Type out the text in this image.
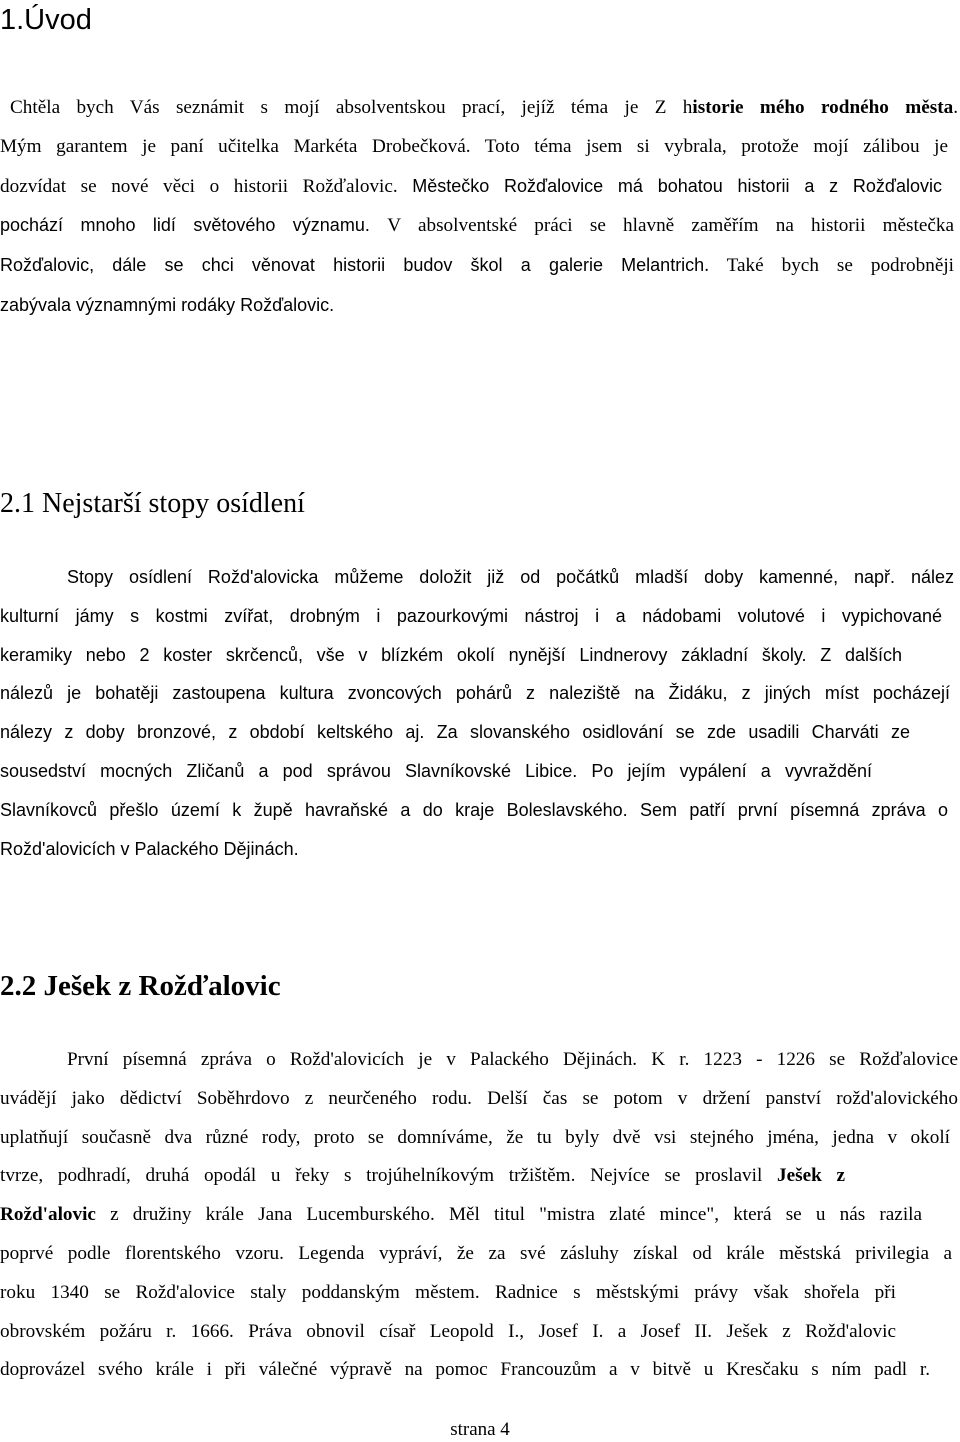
1.Úvod
Chtěla bych Vás seznámit s mojí absolventskou prací, jejíž téma je Z historie mého rodného města.
Mým garantem je paní učitelka Markéta Drobečková. Toto téma jsem si vybrala, protože mojí zálibou je
dozvídat se nové věci o historii Rožďalovic. Městečko Rožďalovice má bohatou historii a z Rožďalovic
pochází mnoho lidí světového významu. V absolventské práci se hlavně zaměřím na historii městečka
Rožďalovic, dále se chci věnovat historii budov škol a galerie Melantrich. Také bych se podrobněji
zabývala významnými rodáky Rožďalovic.
2.1 Nejstarší stopy osídlení
Stopy osídlení Rožd'alovicka můžeme doložit již od počátků mladší doby kamenné, např. nález
kulturní jámy s kostmi zvířat, drobným i pazourkovými nástroj i a nádobami volutové i vypichované
keramiky nebo 2 koster skrčenců, vše v blízkém okolí nynější Lindnerovy základní školy. Z dalších
nálezů je bohatěji zastoupena kultura zvoncových pohárů z naleziště na Židáku, z jiných míst pocházejí
nálezy z doby bronzové, z období keltského aj. Za slovanského osidlování se zde usadili Charváti ze
sousedství mocných Zličanů a pod správou Slavníkovské Libice. Po jejím vypálení a vyvraždění
Slavníkovců přešlo území k župě havraňské a do kraje Boleslavského. Sem patří první písemná zpráva o
Rožd'alovicích v Palackého Dějinách.
2.2 Ješek z Rožďalovic
První písemná zpráva o Rožd'alovicích je v Palackého Dějinách. K r. 1223 - 1226 se Rožďalovice
uvádějí jako dědictví Soběhrdovo z neurčeného rodu. Delší čas se potom v držení panství rožd'alovického
uplatňují současně dva různé rody, proto se domníváme, že tu byly dvě vsi stejného jména, jedna v okolí
tvrze, podhradí, druhá opodál u řeky s trojúhelníkovým tržištěm. Nejvíce se proslavil Ješek z
Rožd'alovic z družiny krále Jana Lucemburského. Měl titul "mistra zlaté mince", která se u nás razila
poprvé podle florentského vzoru. Legenda vypráví, že za své zásluhy získal od krále městská privilegia a
roku 1340 se Rožd'alovice staly poddanským městem. Radnice s městskými právy však shořela při
obrovském požáru r. 1666. Práva obnovil císař Leopold I., Josef I. a Josef II. Ješek z Rožd'alovic
doprovázel svého krále i při válečné výpravě na pomoc Francouzům a v bitvě u Kresčaku s ním padl r.
strana 4
